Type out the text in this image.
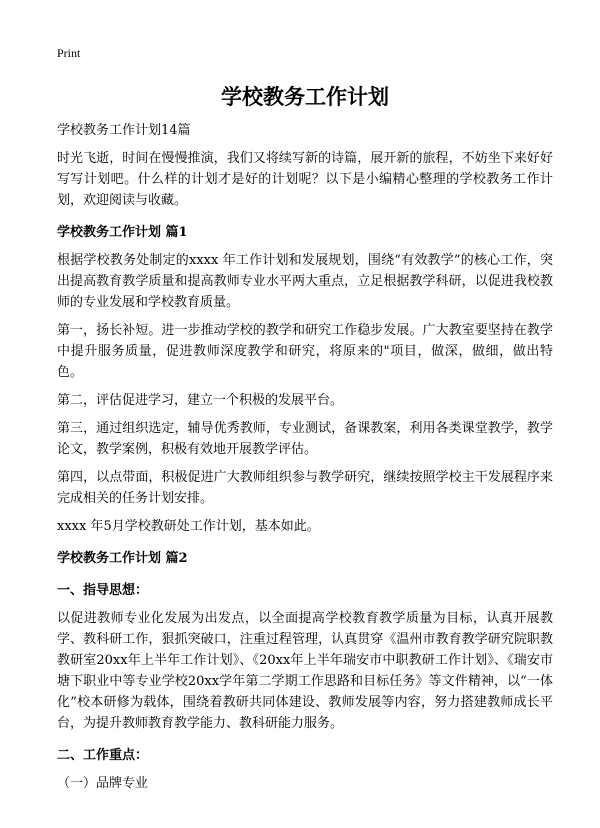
Print
学校教务工作计划
学校教务工作计划14篇

时光飞逝，时间在慢慢推演，我们又将续写新的诗篇，展开新的旅程，不妨坐下来好好写写计划吧。什么样的计划才是好的计划呢？以下是小编精心整理的学校教务工作计划，欢迎阅读与收藏。

学校教务工作计划 篇1

根据学校教务处制定的xxxx 年工作计划和发展规划，围绕“有效教学”的核心工作，突出提高教育教学质量和提高教师专业水平两大重点，立足根据教学科研，以促进我校教师的专业发展和学校教育质量。

第一，扬长补短。进一步推动学校的教学和研究工作稳步发展。广大教室要坚持在教学中提升服务质量，促进教师深度教学和研究，将原来的"项目，做深，做细，做出特色。

第二，评估促进学习，建立一个积极的发展平台。

第三，通过组织选定，辅导优秀教师，专业测试，备课教案，利用各类课堂教学，教学论文，教学案例，积极有效地开展教学评估。

第四，以点带面，积极促进广大教师组织参与教学研究，继续按照学校主干发展程序来完成相关的任务计划安排。

xxxx 年5月学校教研处工作计划，基本如此。

学校教务工作计划 篇2
一、指导思想：

以促进教师专业化发展为出发点，以全面提高学校教育教学质量为目标，认真开展教学、教科研工作，狠抓突破口，注重过程管理，认真贯穿《温州市教育教学研究院职教教研室20xx年上半年工作计划》、《20xx年上半年瑞安市中职教研工作计划》、《瑞安市塘下职业中等专业学校20xx学年第二学期工作思路和目标任务》等文件精神，以“一体化”校本研修为载体，围绕着教研共同体建设、教师发展等内容，努力搭建教师成长平台，为提升教师教育教学能力、教科研能力服务。

二、工作重点：

（一）品牌专业
